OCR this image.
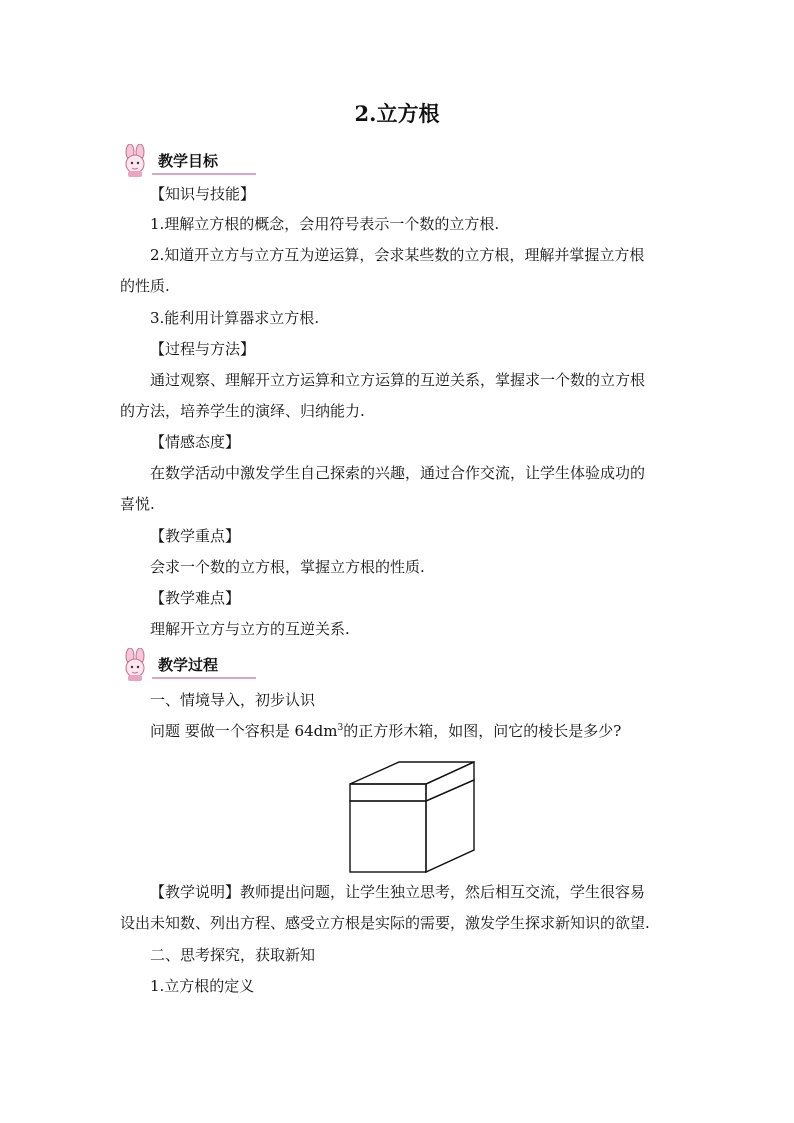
2.立方根
教学目标
【知识与技能】
1.理解立方根的概念，会用符号表示一个数的立方根.
2.知道开立方与立方互为逆运算，会求某些数的立方根，理解并掌握立方根
的性质.
3.能利用计算器求立方根.
【过程与方法】
通过观察、理解开立方运算和立方运算的互逆关系，掌握求一个数的立方根
的方法，培养学生的演绎、归纳能力.
【情感态度】
在数学活动中激发学生自己探索的兴趣，通过合作交流，让学生体验成功的
喜悦.
【教学重点】
会求一个数的立方根，掌握立方根的性质.
【教学难点】
理解开立方与立方的互逆关系.
教学过程
一、情境导入，初步认识
问题 要做一个容积是 $64dm^3$的正方形木箱，如图，问它的棱长是多少?
【教学说明】教师提出问题，让学生独立思考，然后相互交流，学生很容易
设出未知数、列出方程、感受立方根是实际的需要，激发学生探求新知识的欲望.
二、思考探究，获取新知
1.立方根的定义
